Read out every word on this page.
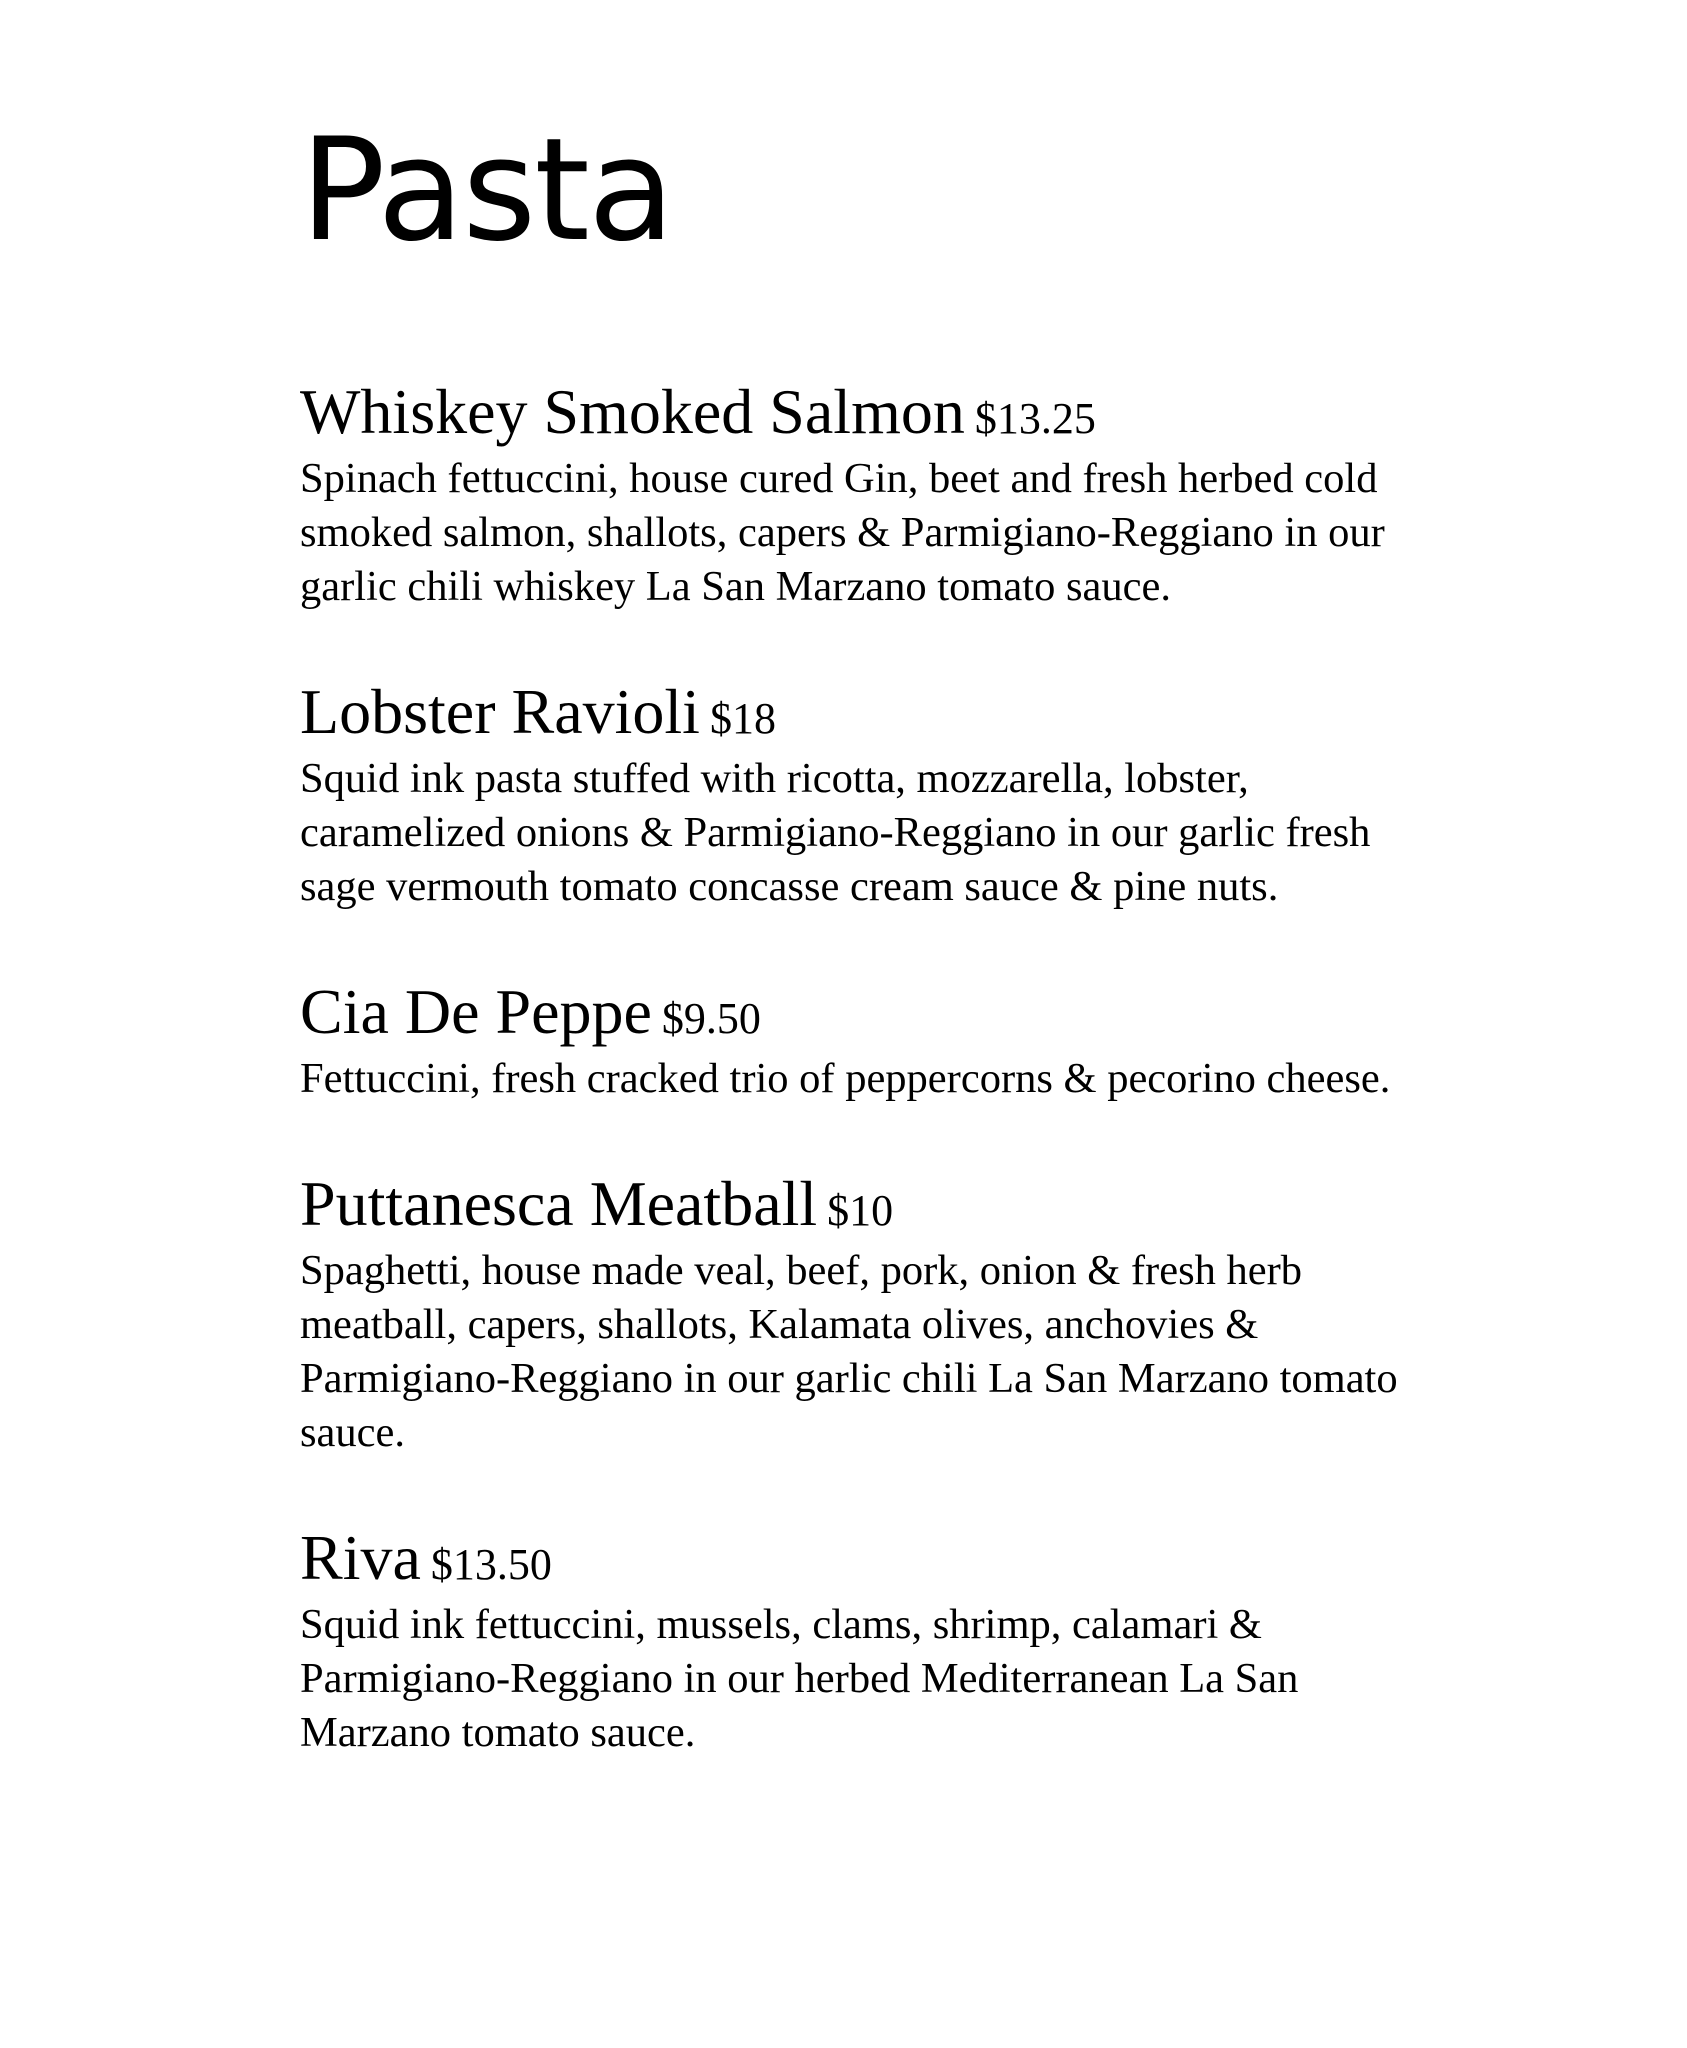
Pasta

Whiskey Smoked Salmon $13.25

Spinach fettuccini, house cured Gin, beet and fresh herbed cold smoked salmon, shallots, capers & Parmigiano-Reggiano in our garlic chili whiskey La San Marzano tomato sauce.

Lobster Ravioli $18

Squid ink pasta stuffed with ricotta, mozzarella, lobster, caramelized onions & Parmigiano-Reggiano in our garlic fresh sage vermouth tomato concasse cream sauce & pine nuts.

Cia De Peppe $9.50

Fettuccini, fresh cracked trio of peppercorns & pecorino cheese.

Puttanesca Meatball $10

Spaghetti, house made veal, beef, pork, onion & fresh herb meatball, capers, shallots, Kalamata olives, anchovies & Parmigiano-Reggiano in our garlic chili La San Marzano tomato sauce.

Riva $13.50

Squid ink fettuccini, mussels, clams, shrimp, calamari & Parmigiano-Reggiano in our herbed Mediterranean La San Marzano tomato sauce.
